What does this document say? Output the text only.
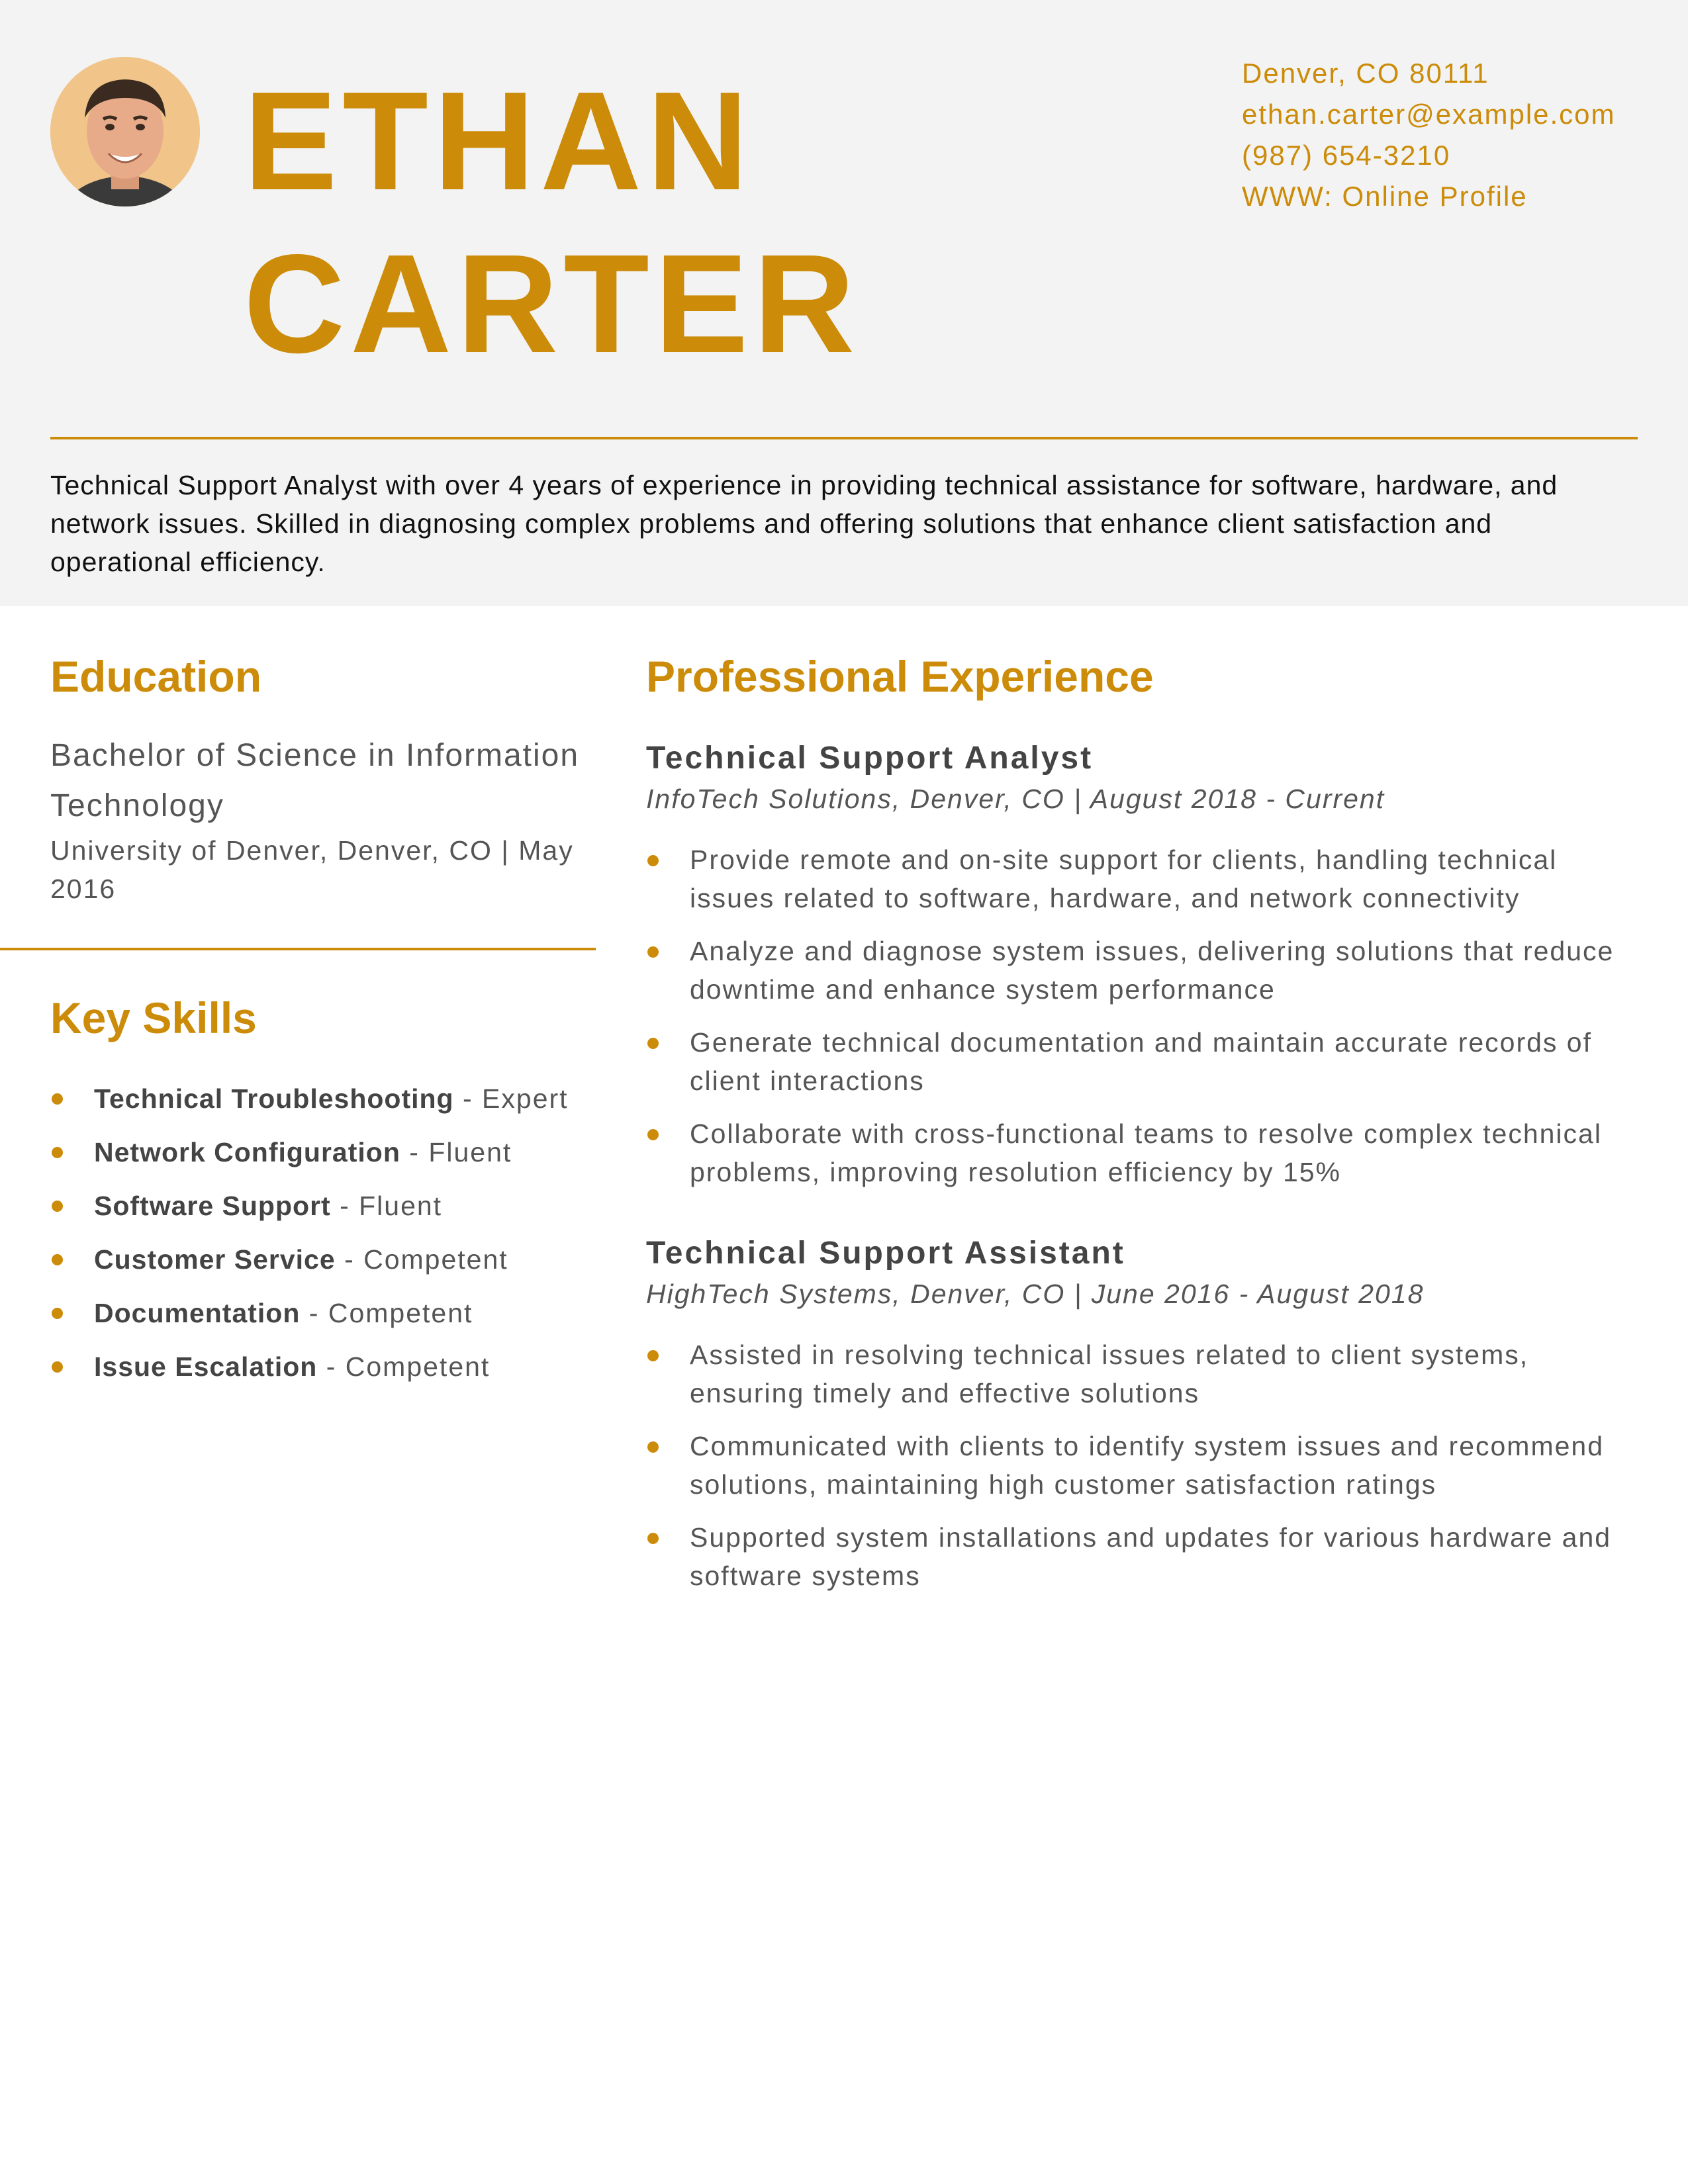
ETHAN
CARTER
Denver, CO 80111
ethan.carter@example.com
(987) 654-3210
WWW: Online Profile
Technical Support Analyst with over 4 years of experience in providing technical assistance for software, hardware, and network issues. Skilled in diagnosing complex problems and offering solutions that enhance client satisfaction and operational efficiency.
Education
Bachelor of Science in Information Technology
University of Denver, Denver, CO | May 2016
Key Skills
Technical Troubleshooting - Expert
Network Configuration - Fluent
Software Support - Fluent
Customer Service - Competent
Documentation - Competent
Issue Escalation - Competent
Professional Experience
Technical Support Analyst
InfoTech Solutions, Denver, CO | August 2018 - Current
Provide remote and on-site support for clients, handling technical issues related to software, hardware, and network connectivity
Analyze and diagnose system issues, delivering solutions that reduce downtime and enhance system performance
Generate technical documentation and maintain accurate records of client interactions
Collaborate with cross-functional teams to resolve complex technical problems, improving resolution efficiency by 15%
Technical Support Assistant
HighTech Systems, Denver, CO | June 2016 - August 2018
Assisted in resolving technical issues related to client systems, ensuring timely and effective solutions
Communicated with clients to identify system issues and recommend solutions, maintaining high customer satisfaction ratings
Supported system installations and updates for various hardware and software systems
